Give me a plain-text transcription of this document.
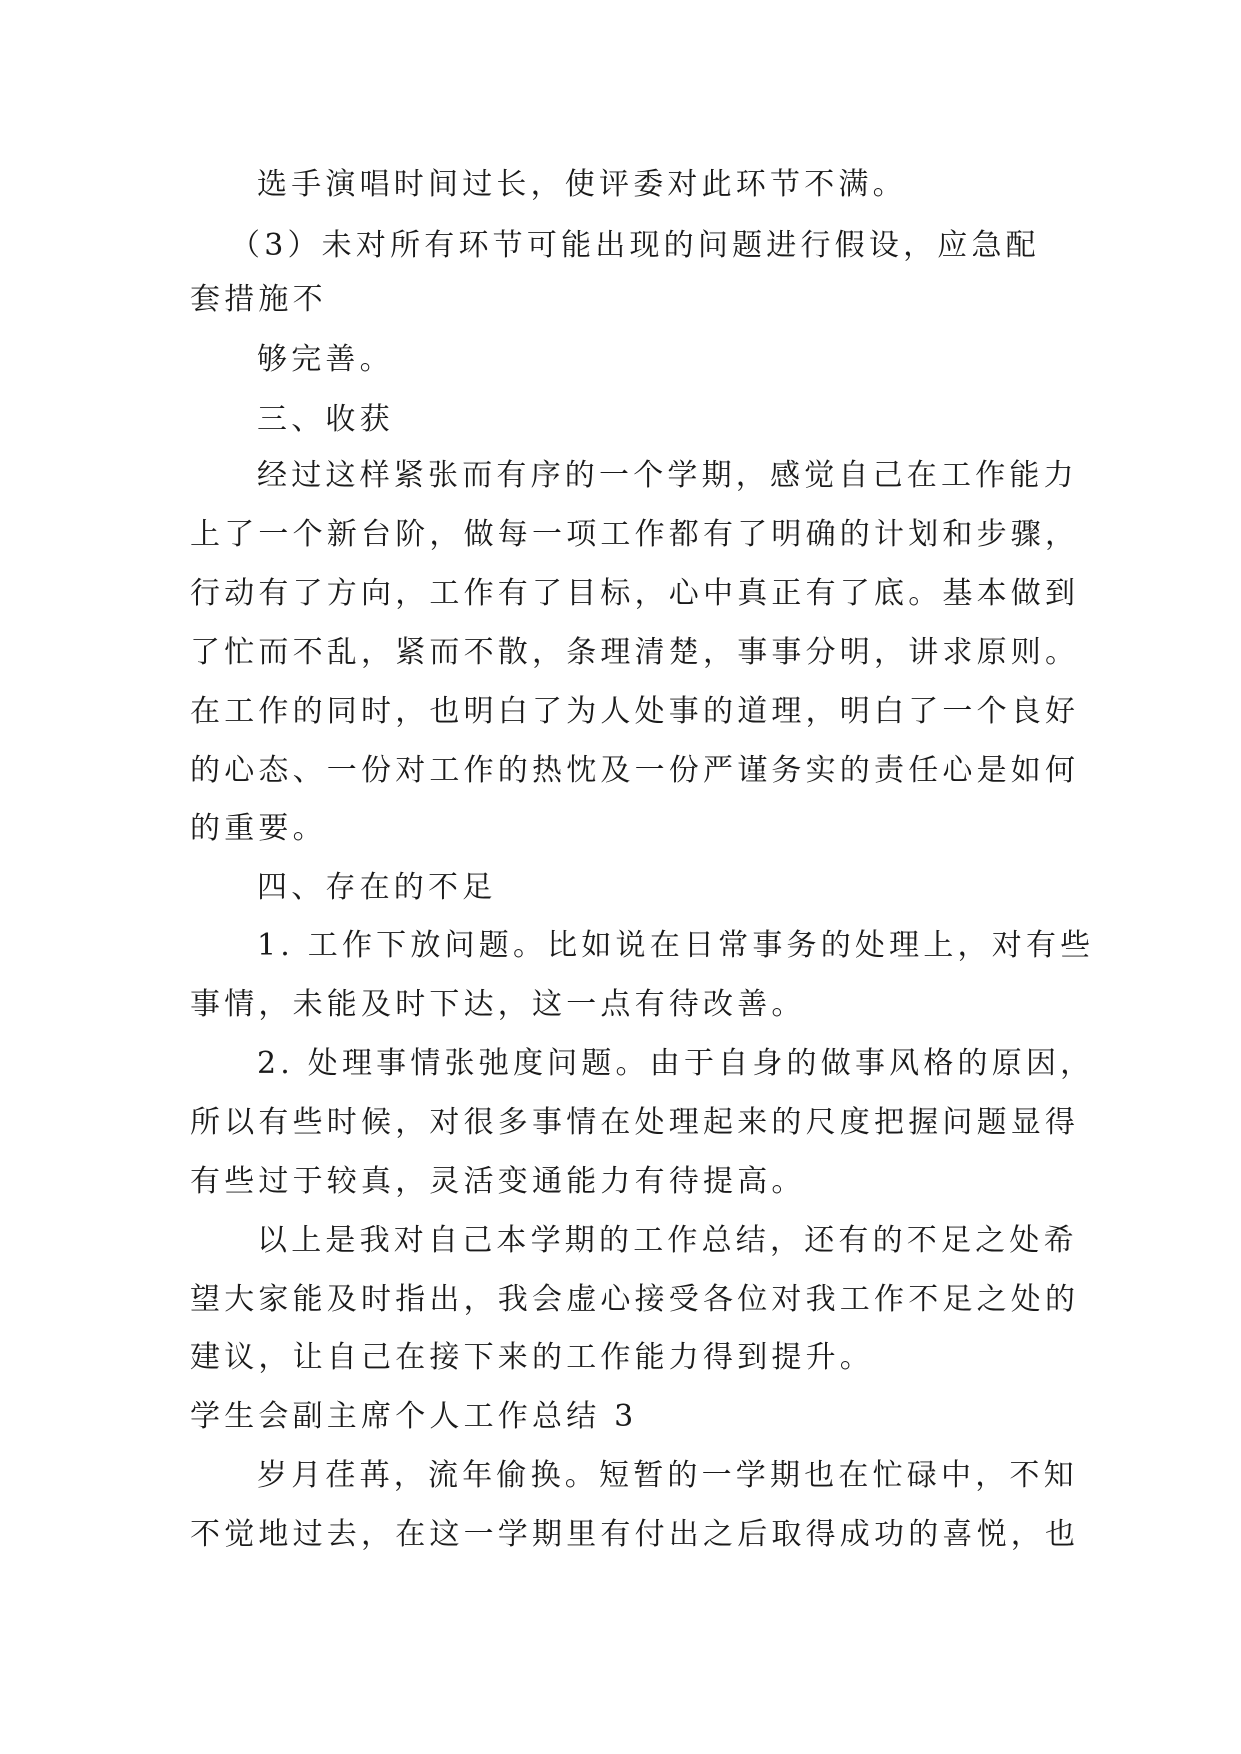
选手演唱时间过长，使评委对此环节不满。
（3）未对所有环节可能出现的问题进行假设，应急配
套措施不
够完善。
三、收获
经过这样紧张而有序的一个学期，感觉自己在工作能力
上了一个新台阶，做每一项工作都有了明确的计划和步骤，
行动有了方向，工作有了目标，心中真正有了底。基本做到
了忙而不乱，紧而不散，条理清楚，事事分明，讲求原则。
在工作的同时，也明白了为人处事的道理，明白了一个良好
的心态、一份对工作的热忱及一份严谨务实的责任心是如何
的重要。
四、存在的不足
1. 工作下放问题。比如说在日常事务的处理上，对有些
事情，未能及时下达，这一点有待改善。
2. 处理事情张弛度问题。由于自身的做事风格的原因，
所以有些时候，对很多事情在处理起来的尺度把握问题显得
有些过于较真，灵活变通能力有待提高。
以上是我对自己本学期的工作总结，还有的不足之处希
望大家能及时指出，我会虚心接受各位对我工作不足之处的
建议，让自己在接下来的工作能力得到提升。
学生会副主席个人工作总结 3
岁月荏苒，流年偷换。短暂的一学期也在忙碌中，不知
不觉地过去，在这一学期里有付出之后取得成功的喜悦，也
